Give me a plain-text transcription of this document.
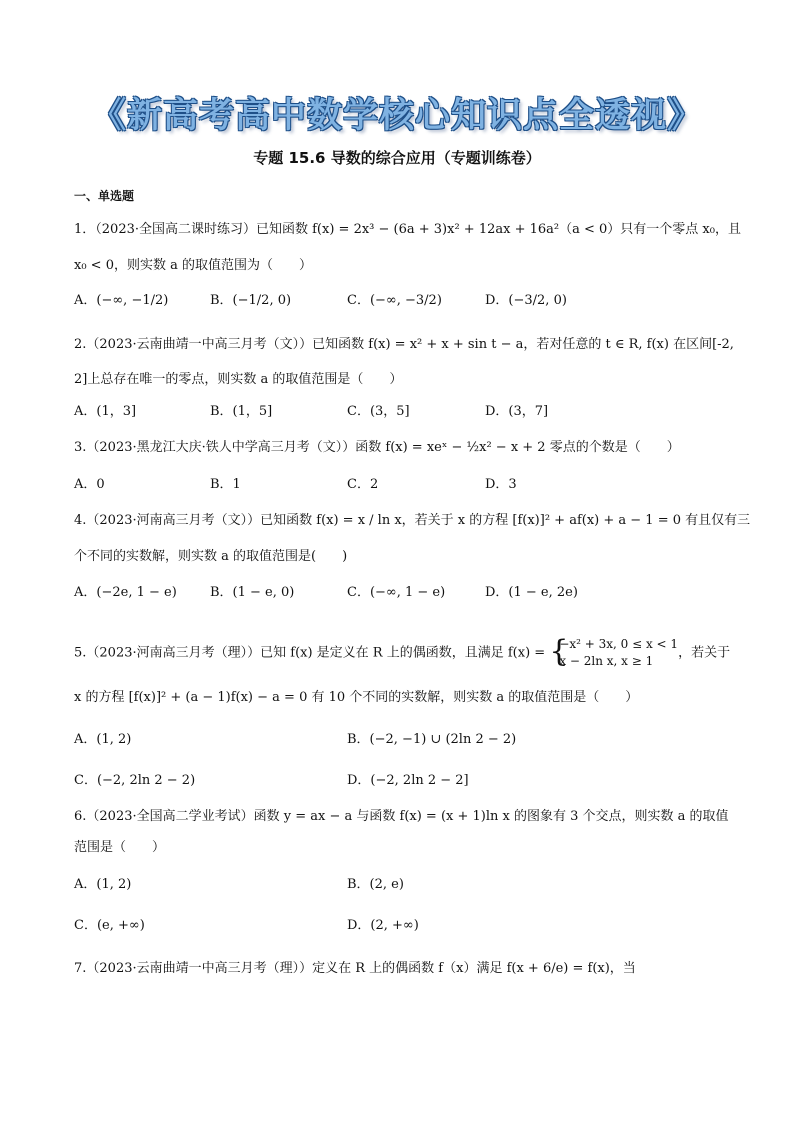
《新高考高中数学核心知识点全透视》
专题 15.6 导数的综合应用（专题训练卷）
一、单选题
1．（2023·全国高二课时练习）已知函数 f(x) = 2x³ − (6a + 3)x² + 12ax + 16a²（a < 0）只有一个零点 x₀，且
x₀ < 0，则实数 a 的取值范围为（　　）
A．(−∞, −1/2)	B．(−1/2, 0)	C．(−∞, −3/2)	D．(−3/2, 0)
2.（2023·云南曲靖一中高三月考（文））已知函数 f(x) = x² + x + sin t − a，若对任意的 t ∈ R, f(x) 在区间[-2,
2]上总存在唯一的零点，则实数 a 的取值范围是（　　）
A．(1，3]	B．(1，5]	C．(3，5]	D．(3，7]
3.（2023·黑龙江大庆·铁人中学高三月考（文））函数 f(x) = xeˣ − ½x² − x + 2 零点的个数是（　　）
A．0	B．1	C．2	D．3
4.（2023·河南高三月考（文））已知函数 f(x) = x / ln x，若关于 x 的方程 [f(x)]² + af(x) + a − 1 = 0 有且仅有三
个不同的实数解，则实数 a 的取值范围是(　　)
A．(−2e, 1 − e)	B．(1 − e, 0)	C．(−∞, 1 − e)	D．(1 − e, 2e)
5.（2023·河南高三月考（理））已知 f(x) 是定义在 R 上的偶函数，且满足 f(x) = {
−x² + 3x, 0 ≤ x < 1
x − 2ln x, x ≥ 1
，若关于
x 的方程 [f(x)]² + (a − 1)f(x) − a = 0 有 10 个不同的实数解，则实数 a 的取值范围是（　　）
A．(1, 2)	B．(−2, −1) ∪ (2ln 2 − 2)
C．(−2, 2ln 2 − 2)	D．(−2, 2ln 2 − 2]
6.（2023·全国高二学业考试）函数 y = ax − a 与函数 f(x) = (x + 1)ln x 的图象有 3 个交点，则实数 a 的取值
范围是（　　）
A．(1, 2)	B．(2, e)
C．(e, +∞)	D．(2, +∞)
7.（2023·云南曲靖一中高三月考（理））定义在 R 上的偶函数 f（x）满足 f(x + 6/e) = f(x)，当
